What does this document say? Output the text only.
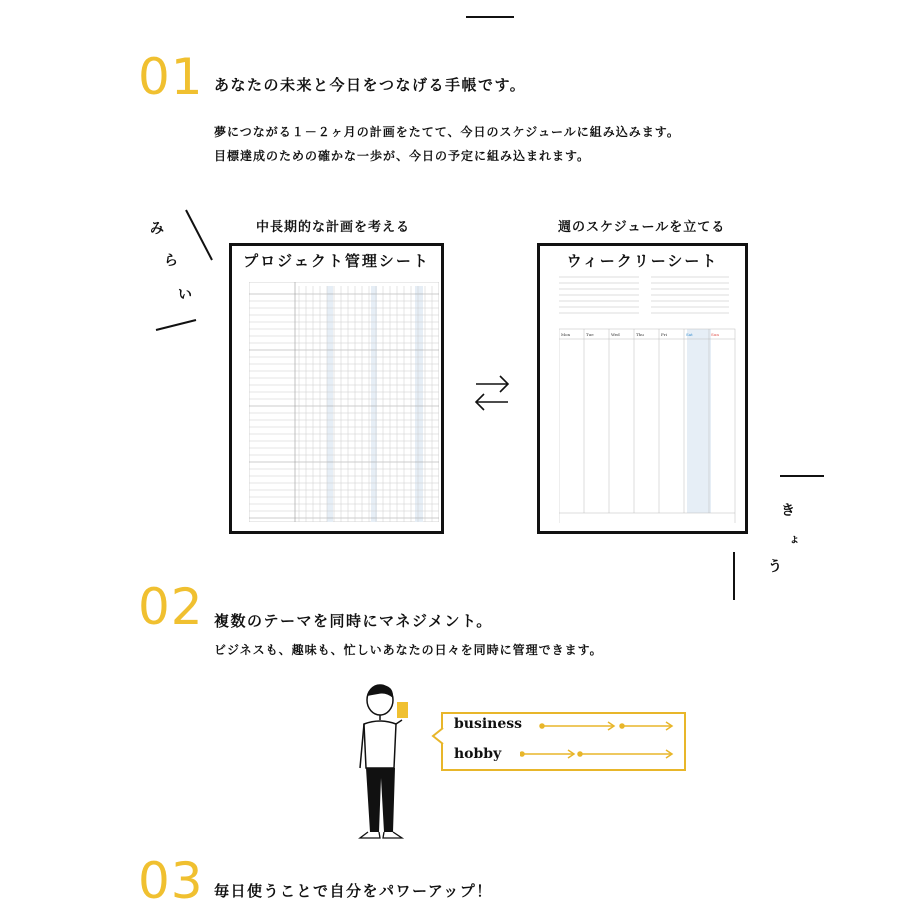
01 あなたの未来と今日をつなげる手帳です。
夢につながる１－２ヶ月の計画をたてて、今日のスケジュールに組み込みます。
目標達成のための確かな一歩が、今日の予定に組み込まれます。
み
ら
い
中長期的な計画を考える	週のスケジュールを立てる
プロジェクト管理シート	ウィークリーシート
Mon	Tue	Wed	Thu	Fri	Sat	Sun
き
ょ
う
02 複数のテーマを同時にマネジメント。
ビジネスも、趣味も、忙しいあなたの日々を同時に管理できます。
business
hobby
03 毎日使うことで自分をパワーアップ！
